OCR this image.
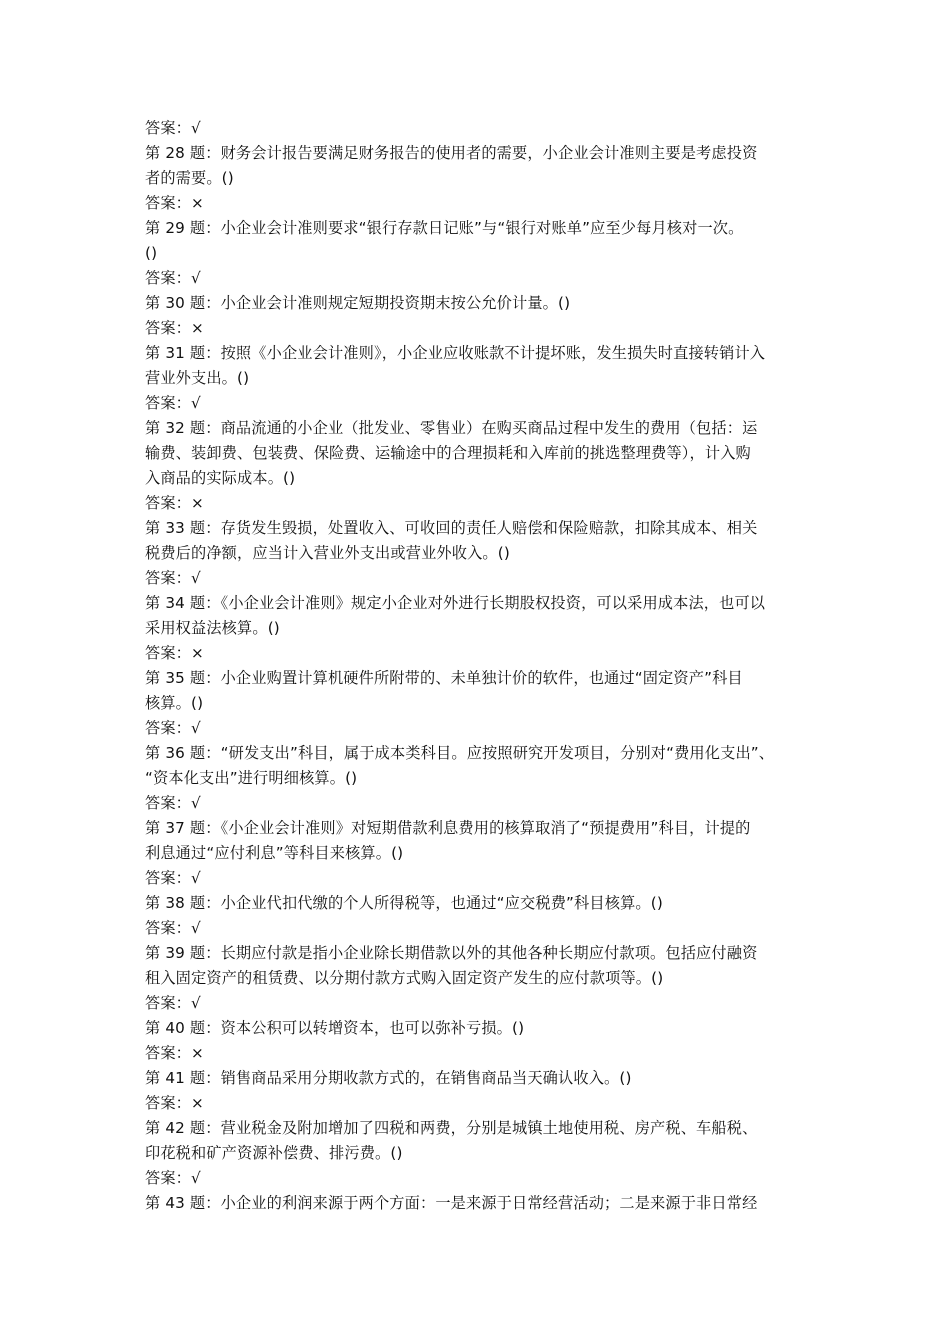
答案：√
第 28 题：财务会计报告要满足财务报告的使用者的需要，小企业会计准则主要是考虑投资
者的需要。()
答案：×
第 29 题：小企业会计准则要求“银行存款日记账”与“银行对账单”应至少每月核对一次。
()
答案：√
第 30 题：小企业会计准则规定短期投资期末按公允价计量。()
答案：×
第 31 题：按照《小企业会计准则》，小企业应收账款不计提坏账，发生损失时直接转销计入
营业外支出。()
答案：√
第 32 题：商品流通的小企业（批发业、零售业）在购买商品过程中发生的费用（包括：运
输费、装卸费、包装费、保险费、运输途中的合理损耗和入库前的挑选整理费等），计入购
入商品的实际成本。()
答案：×
第 33 题：存货发生毁损，处置收入、可收回的责任人赔偿和保险赔款，扣除其成本、相关
税费后的净额，应当计入营业外支出或营业外收入。()
答案：√
第 34 题：《小企业会计准则》规定小企业对外进行长期股权投资，可以采用成本法，也可以
采用权益法核算。()
答案：×
第 35 题：小企业购置计算机硬件所附带的、未单独计价的软件，也通过“固定资产”科目
核算。()
答案：√
第 36 题：“研发支出”科目，属于成本类科目。应按照研究开发项目，分别对“费用化支出”、
“资本化支出”进行明细核算。()
答案：√
第 37 题：《小企业会计准则》对短期借款利息费用的核算取消了“预提费用”科目，计提的
利息通过“应付利息”等科目来核算。()
答案：√
第 38 题：小企业代扣代缴的个人所得税等，也通过“应交税费”科目核算。()
答案：√
第 39 题：长期应付款是指小企业除长期借款以外的其他各种长期应付款项。包括应付融资
租入固定资产的租赁费、以分期付款方式购入固定资产发生的应付款项等。()
答案：√
第 40 题：资本公积可以转增资本，也可以弥补亏损。()
答案：×
第 41 题：销售商品采用分期收款方式的，在销售商品当天确认收入。()
答案：×
第 42 题：营业税金及附加增加了四税和两费，分别是城镇土地使用税、房产税、车船税、
印花税和矿产资源补偿费、排污费。()
答案：√
第 43 题：小企业的利润来源于两个方面：一是来源于日常经营活动；二是来源于非日常经
